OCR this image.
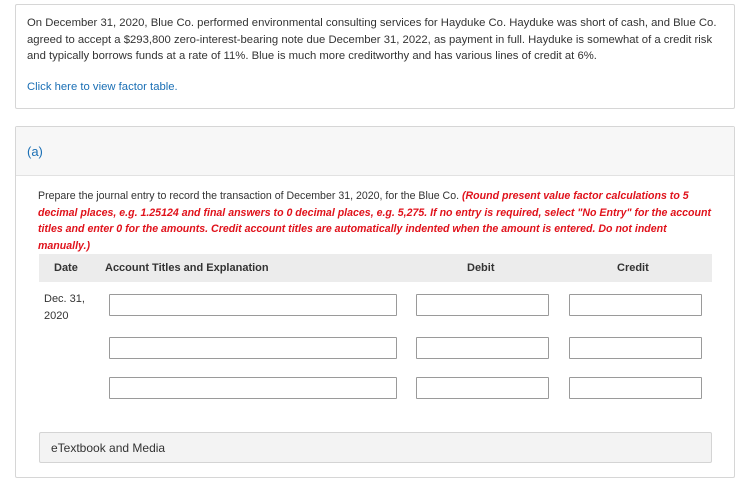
On December 31, 2020, Blue Co. performed environmental consulting services for Hayduke Co. Hayduke was short of cash, and Blue Co. agreed to accept a $293,800 zero-interest-bearing note due December 31, 2022, as payment in full. Hayduke is somewhat of a credit risk and typically borrows funds at a rate of 11%. Blue is much more creditworthy and has various lines of credit at 6%.

Click here to view factor table.
(a)

Prepare the journal entry to record the transaction of December 31, 2020, for the Blue Co. (Round present value factor calculations to 5 decimal places, e.g. 1.25124 and final answers to 0 decimal places, e.g. 5,275. If no entry is required, select "No Entry" for the account titles and enter 0 for the amounts. Credit account titles are automatically indented when the amount is entered. Do not indent manually.)

Date Account Titles and Explanation	Debit	Credit
Dec. 31, 2020
eTextbook and Media
